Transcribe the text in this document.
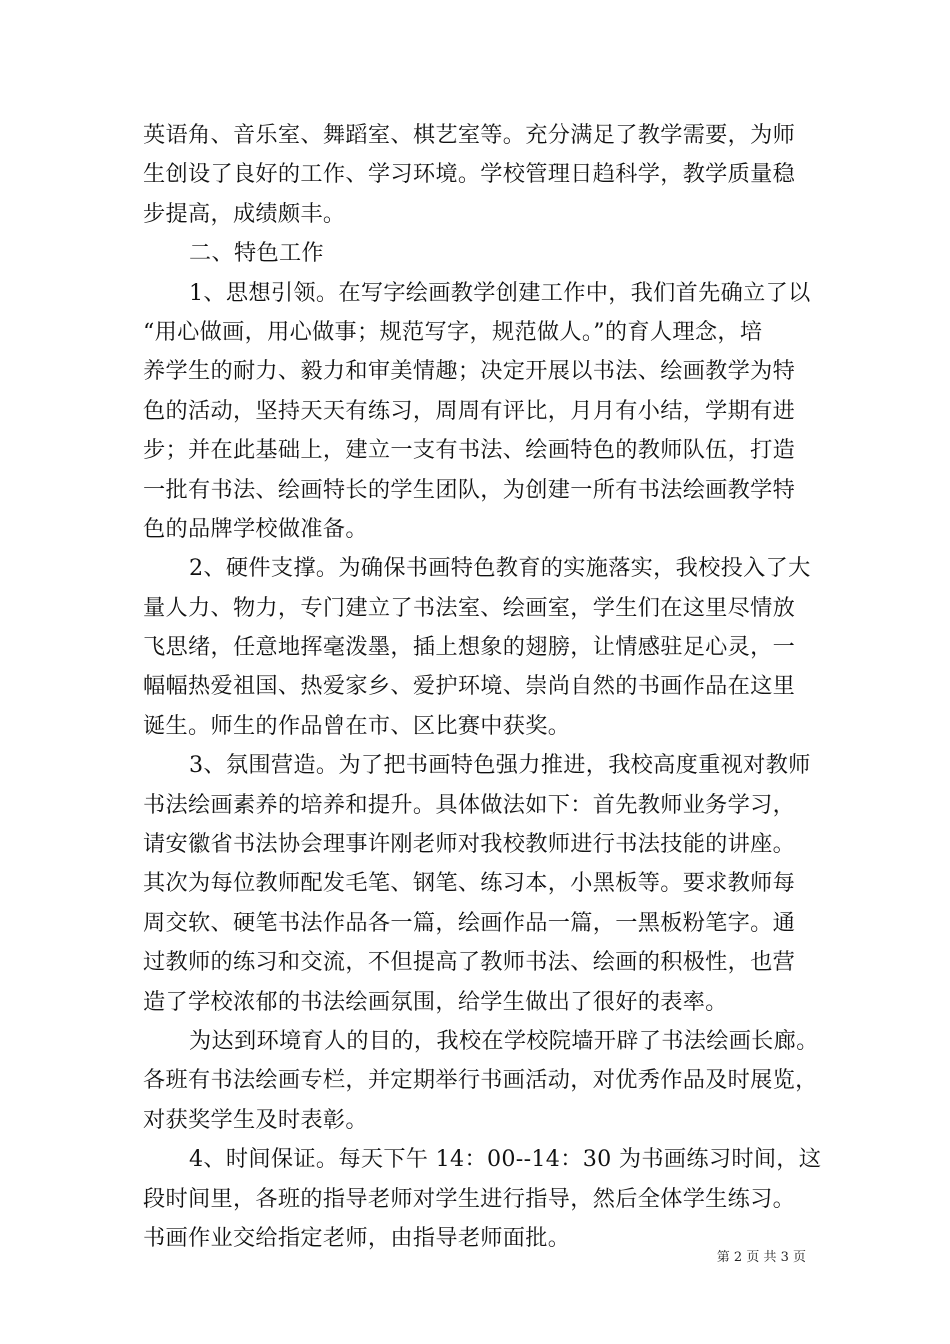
英语角、音乐室、舞蹈室、棋艺室等。充分满足了教学需要，为师
生创设了良好的工作、学习环境。学校管理日趋科学，教学质量稳
步提高，成绩颇丰。
二、特色工作
1、思想引领。在写字绘画教学创建工作中，我们首先确立了以
“用心做画，用心做事；规范写字，规范做人。”的育人理念，培
养学生的耐力、毅力和审美情趣；决定开展以书法、绘画教学为特
色的活动，坚持天天有练习，周周有评比，月月有小结，学期有进
步；并在此基础上，建立一支有书法、绘画特色的教师队伍，打造
一批有书法、绘画特长的学生团队，为创建一所有书法绘画教学特
色的品牌学校做准备。
2、硬件支撑。为确保书画特色教育的实施落实，我校投入了大
量人力、物力，专门建立了书法室、绘画室，学生们在这里尽情放
飞思绪，任意地挥毫泼墨，插上想象的翅膀，让情感驻足心灵，一
幅幅热爱祖国、热爱家乡、爱护环境、崇尚自然的书画作品在这里
诞生。师生的作品曾在市、区比赛中获奖。
3、氛围营造。为了把书画特色强力推进，我校高度重视对教师
书法绘画素养的培养和提升。具体做法如下：首先教师业务学习，
请安徽省书法协会理事许刚老师对我校教师进行书法技能的讲座。
其次为每位教师配发毛笔、钢笔、练习本，小黑板等。要求教师每
周交软、硬笔书法作品各一篇，绘画作品一篇，一黑板粉笔字。通
过教师的练习和交流，不但提高了教师书法、绘画的积极性，也营
造了学校浓郁的书法绘画氛围，给学生做出了很好的表率。
为达到环境育人的目的，我校在学校院墙开辟了书法绘画长廊。
各班有书法绘画专栏，并定期举行书画活动，对优秀作品及时展览，
对获奖学生及时表彰。
4、时间保证。每天下午 14：00--14：30 为书画练习时间，这
段时间里，各班的指导老师对学生进行指导，然后全体学生练习。
书画作业交给指定老师，由指导老师面批。
第 2 页 共 3 页
